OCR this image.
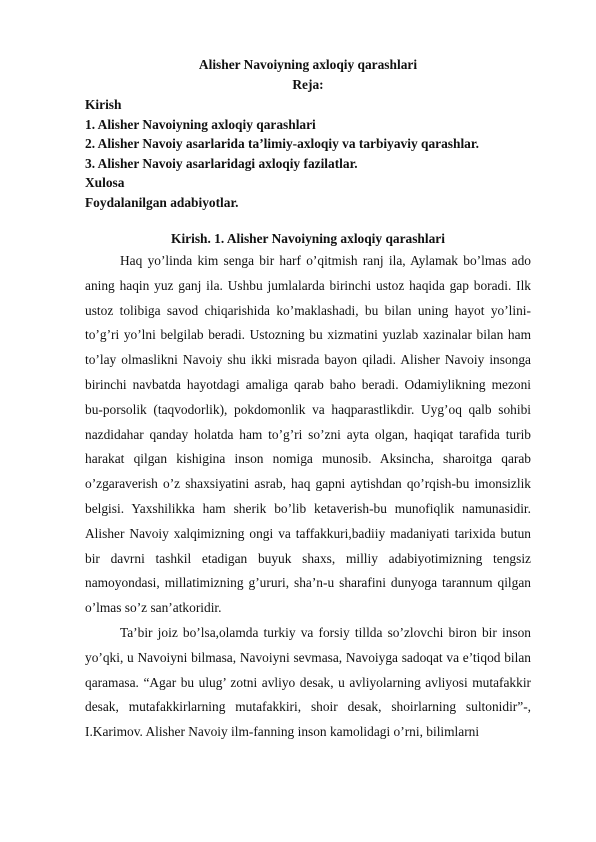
Alisher Navoiyning axloqiy qarashlari

Reja:

Kirish

1. Alisher Navoiyning axloqiy qarashlari

2. Alisher Navoiy asarlarida ta’limiy-axloqiy va tarbiyaviy qarashlar.

3. Alisher Navoiy asarlaridagi axloqiy fazilatlar.

Xulosa

Foydalanilgan adabiyotlar.

Kirish. 1. Alisher Navoiyning axloqiy qarashlari

Haq yo’linda kim senga bir harf o’qitmish ranj ila, Aylamak bo’lmas ado aning haqin yuz ganj ila. Ushbu jumlalarda birinchi ustoz haqida gap boradi. Ilk ustoz tolibiga savod chiqarishida ko’maklashadi, bu bilan uning hayot yo’lini-to’g’ri yo’lni belgilab beradi. Ustozning bu xizmatini yuzlab xazinalar bilan ham to’lay olmaslikni Navoiy shu ikki misrada bayon qiladi. Alisher Navoiy insonga birinchi navbatda hayotdagi amaliga qarab baho beradi. Odamiylikning mezoni bu-porsolik (taqvodorlik), pokdomonlik va haqparastlikdir. Uyg’oq qalb sohibi nazdidahar qanday holatda ham to’g’ri so’zni ayta olgan, haqiqat tarafida turib harakat qilgan kishigina inson nomiga munosib. Aksincha, sharoitga qarab o’zgaraverish o’z shaxsiyatini asrab, haq gapni aytishdan qo’rqish-bu imonsizlik belgisi. Yaxshilikka ham sherik bo’lib ketaverish-bu munofiqlik namunasidir. Alisher Navoiy xalqimizning ongi va taffakkuri,badiiy madaniyati tarixida butun bir davrni tashkil etadigan buyuk shaxs, milliy adabiyotimizning tengsiz namoyondasi, millatimizning g’ururi, sha’n-u sharafini dunyoga tarannum qilgan o’lmas so’z san’atkoridir.

Ta’bir joiz bo’lsa,olamda turkiy va forsiy tillda so’zlovchi biron bir inson yo’qki, u Navoiyni bilmasa, Navoiyni sevmasa, Navoiyga sadoqat va e’tiqod bilan qaramasa. “Agar bu ulug’ zotni avliyo desak, u avliyolarning avliyosi mutafakkir desak, mutafakkirlarning mutafakkiri, shoir desak, shoirlarning sultonidir”-, I.Karimov. Alisher Navoiy ilm-fanning inson kamolidagi o’rni, bilimlarni
